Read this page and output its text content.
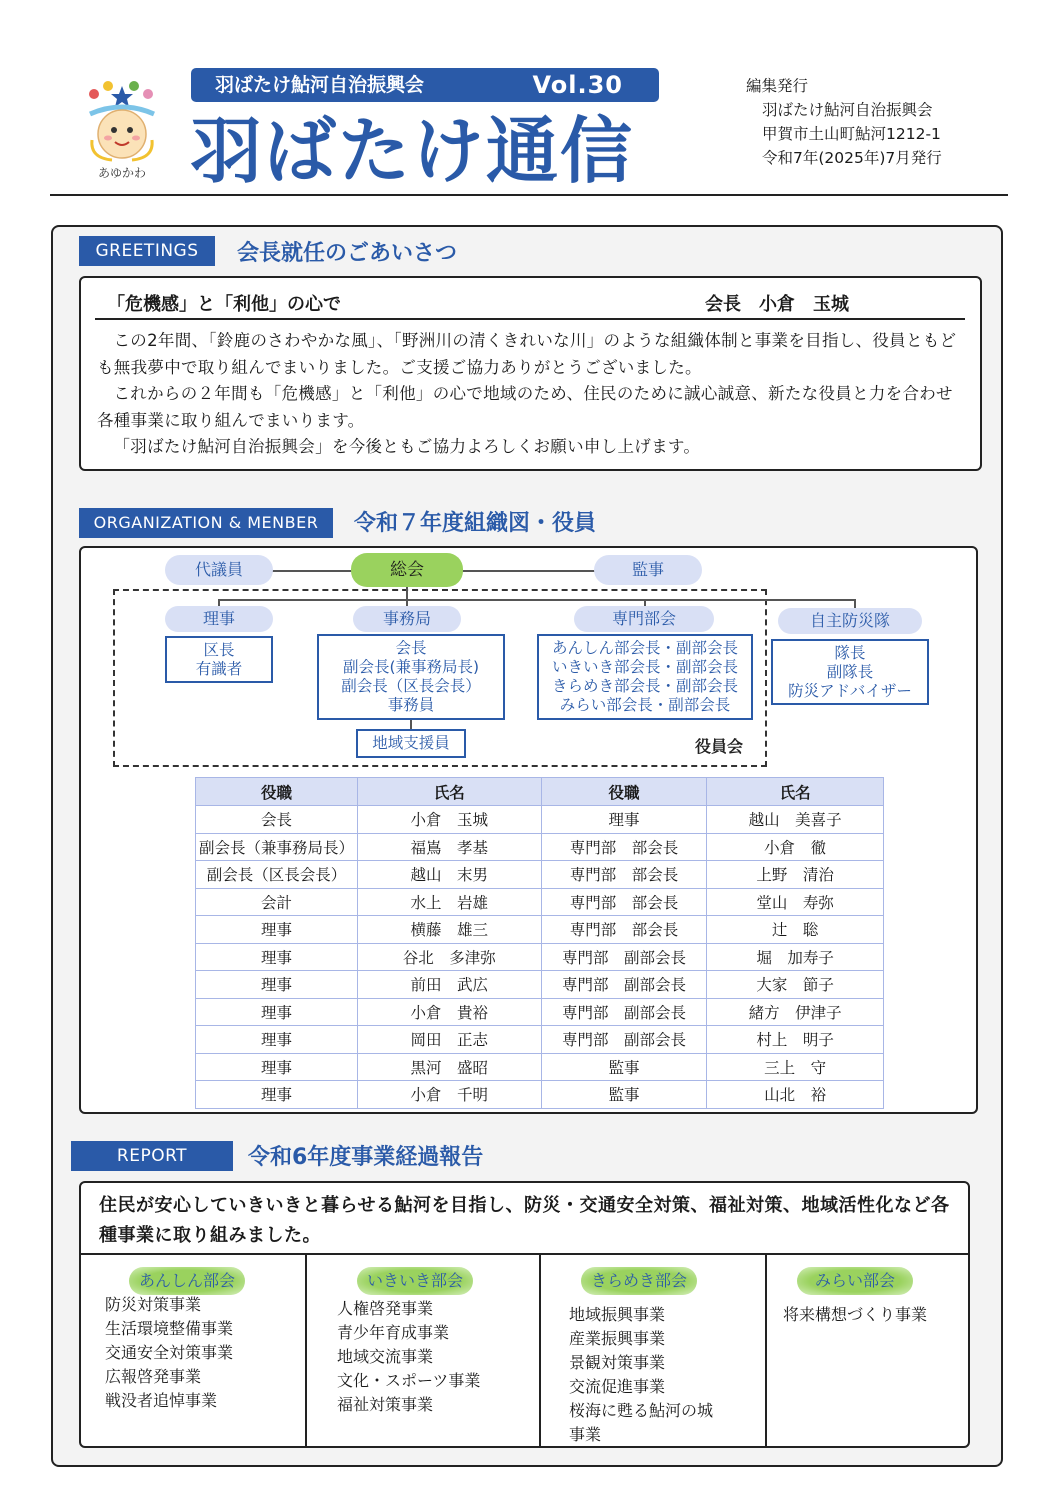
あゆかわ
羽ばたけ鮎河自治振興会	Vol.30
羽ばたけ通信
編集発行
羽ばたけ鮎河自治振興会
甲賀市土山町鮎河1212-1
令和7年(2025年)7月発行
GREETINGS	会長就任のごあいさつ
「危機感」と「利他」の心で	会長　小倉　玉城

この2年間、「鈴鹿のさわやかな風」、「野洲川の清くきれいな川」のような組織体制と事業を目指し、役員ともども無我夢中で取り組んでまいりました。ご支援ご協力ありがとうございました。

これからの２年間も「危機感」と「利他」の心で地域のため、住民のために誠心誠意、新たな役員と力を合わせ各種事業に取り組んでまいります。

「羽ばたけ鮎河自治振興会」を今後ともご協力よろしくお願い申し上げます。

ORGANIZATION & MENBER	令和７年度組織図・役員
代議員	総会	監事
役員会
理事	事務局	専門部会	自主防災隊
区長
有識者
会長
副会長(兼事務局長)
副会長（区長会長）
事務員
あんしん部会長・副部会長
いきいき部会長・副部会長
きらめき部会長・副部会長
みらい部会長・副部会長
隊長
副隊長
防災アドバイザー
地域支援員
役職	氏名	役職	氏名
会長	小倉　玉城	理事	越山　美喜子
副会長（兼事務局長）	福嶌　孝基	専門部　部会長	小倉　徹
副会長（区長会長）	越山　末男	専門部　部会長	上野　清治
会計	水上　岩雄	専門部　部会長	堂山　寿弥
理事	横藤　雄三	専門部　部会長	辻　聡
理事	谷北　多津弥	専門部　副部会長	堀　加寿子
理事	前田　武広	専門部　副部会長	大家　節子
理事	小倉　貴裕	専門部　副部会長	緒方　伊津子
理事	岡田　正志	専門部　副部会長	村上　明子
理事	黒河　盛昭	監事	三上　守
理事	小倉　千明	監事	山北　裕
REPORT	令和6年度事業経過報告
住民が安心していきいきと暮らせる鮎河を目指し、防災・交通安全対策、福祉対策、地域活性化など各種事業に取り組みました。
あんしん部会
防災対策事業
生活環境整備事業
交通安全対策事業
広報啓発事業
戦没者追悼事業
いきいき部会
人権啓発事業
青少年育成事業
地域交流事業
文化・スポーツ事業
福祉対策事業
きらめき部会
地域振興事業
産業振興事業
景観対策事業
交流促進事業
桜海に甦る鮎河の城
事業
みらい部会
将来構想づくり事業
